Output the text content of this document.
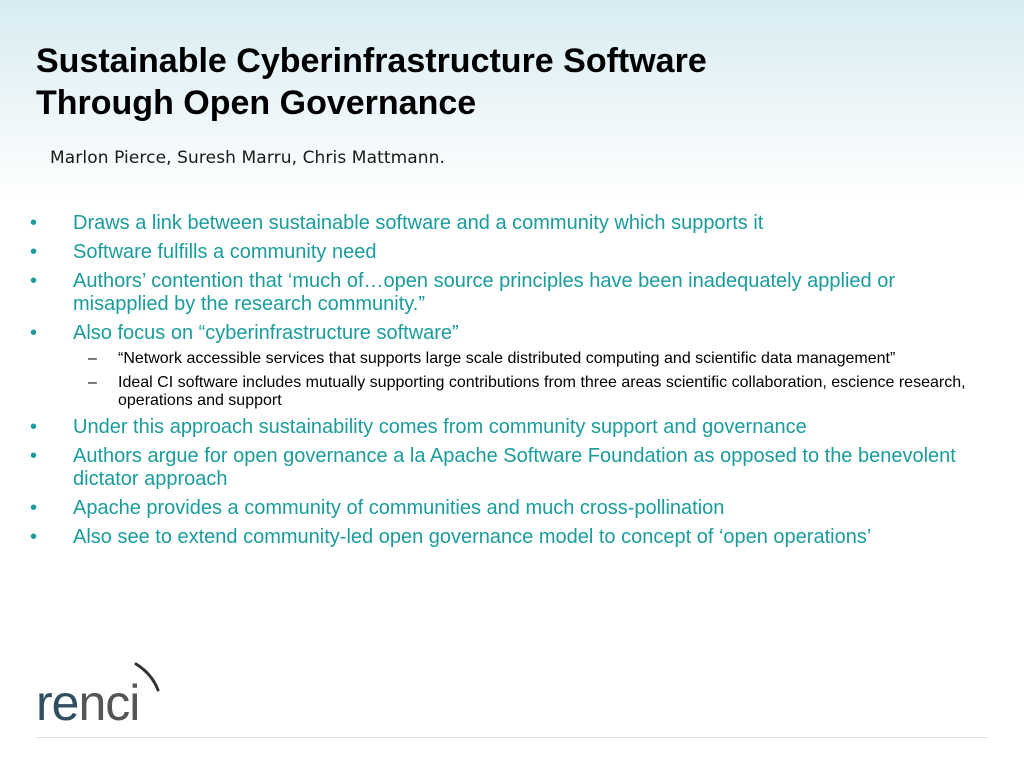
Sustainable Cyberinfrastructure Software
Through Open Governance
Marlon Pierce, Suresh Marru, Chris Mattmann.
•	Draws a link between sustainable software and a community which supports it
•	Software fulfills a community need
•	Authors’ contention that ‘much of…open source principles have been inadequately applied or misapplied by the research community.”
•	Also focus on “cyberinfrastructure software”
– “Network accessible services that supports large scale distributed computing and scientific data management”
– Ideal CI software includes mutually supporting contributions from three areas scientific collaboration, escience research, operations and support
•	Under this approach sustainability comes from community support and governance
•	Authors argue for open governance a la Apache Software Foundation as opposed to the benevolent dictator approach
•	Apache provides a community of communities and much cross-pollination
•	Also see to extend community-led open governance model to concept of ‘open operations’
renci
